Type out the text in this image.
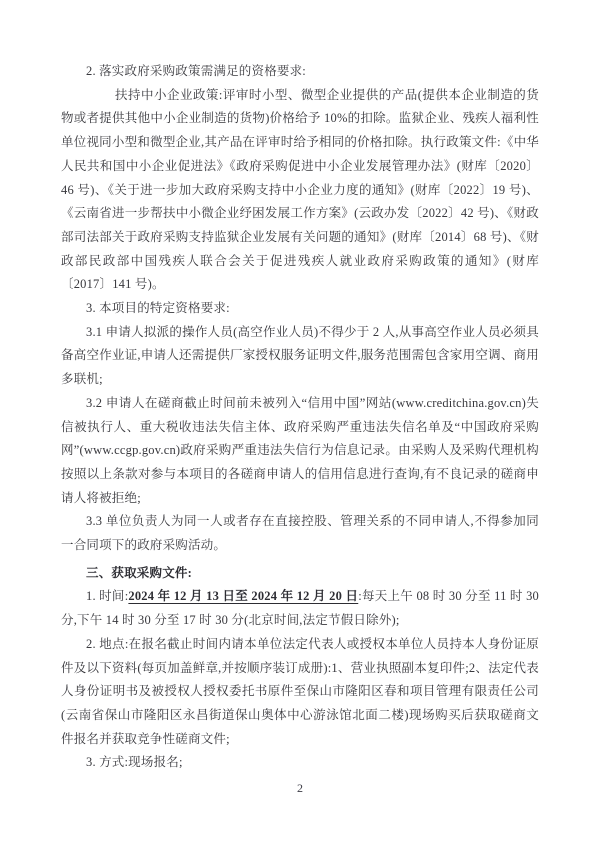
2. 落实政府采购政策需满足的资格要求:

扶持中小企业政策:评审时小型、微型企业提供的产品(提供本企业制造的货物或者提供其他中小企业制造的货物)价格给予 10%的扣除。监狱企业、残疾人福利性单位视同小型和微型企业,其产品在评审时给予相同的价格扣除。执行政策文件:《中华人民共和国中小企业促进法》《政府采购促进中小企业发展管理办法》(财库〔2020〕46 号)、《关于进一步加大政府采购支持中小企业力度的通知》(财库〔2022〕19 号)、《云南省进一步帮扶中小微企业纾困发展工作方案》(云政办发〔2022〕42 号)、《财政部司法部关于政府采购支持监狱企业发展有关问题的通知》(财库〔2014〕68 号)、《财政部民政部中国残疾人联合会关于促进残疾人就业政府采购政策的通知》(财库〔2017〕141 号)。

3. 本项目的特定资格要求:

3.1 申请人拟派的操作人员(高空作业人员)不得少于 2 人,从事高空作业人员必须具备高空作业证,申请人还需提供厂家授权服务证明文件,服务范围需包含家用空调、商用多联机;

3.2 申请人在磋商截止时间前未被列入“信用中国”网站(www.creditchina.gov.cn)失信被执行人、重大税收违法失信主体、政府采购严重违法失信名单及“中国政府采购网”(www.ccgp.gov.cn)政府采购严重违法失信行为信息记录。由采购人及采购代理机构按照以上条款对参与本项目的各磋商申请人的信用信息进行查询,有不良记录的磋商申请人将被拒绝;

3.3 单位负责人为同一人或者存在直接控股、管理关系的不同申请人,不得参加同一合同项下的政府采购活动。

三、获取采购文件:

1. 时间:2024 年 12 月 13 日至 2024 年 12 月 20 日:每天上午 08 时 30 分至 11 时 30 分,下午 14 时 30 分至 17 时 30 分(北京时间,法定节假日除外);

2. 地点:在报名截止时间内请本单位法定代表人或授权本单位人员持本人身份证原件及以下资料(每页加盖鲜章,并按顺序装订成册):1、营业执照副本复印件;2、法定代表人身份证明书及被授权人授权委托书原件至保山市隆阳区春和项目管理有限责任公司(云南省保山市隆阳区永昌街道保山奥体中心游泳馆北面二楼)现场购买后获取磋商文件报名并获取竞争性磋商文件;

3. 方式:现场报名;

2
